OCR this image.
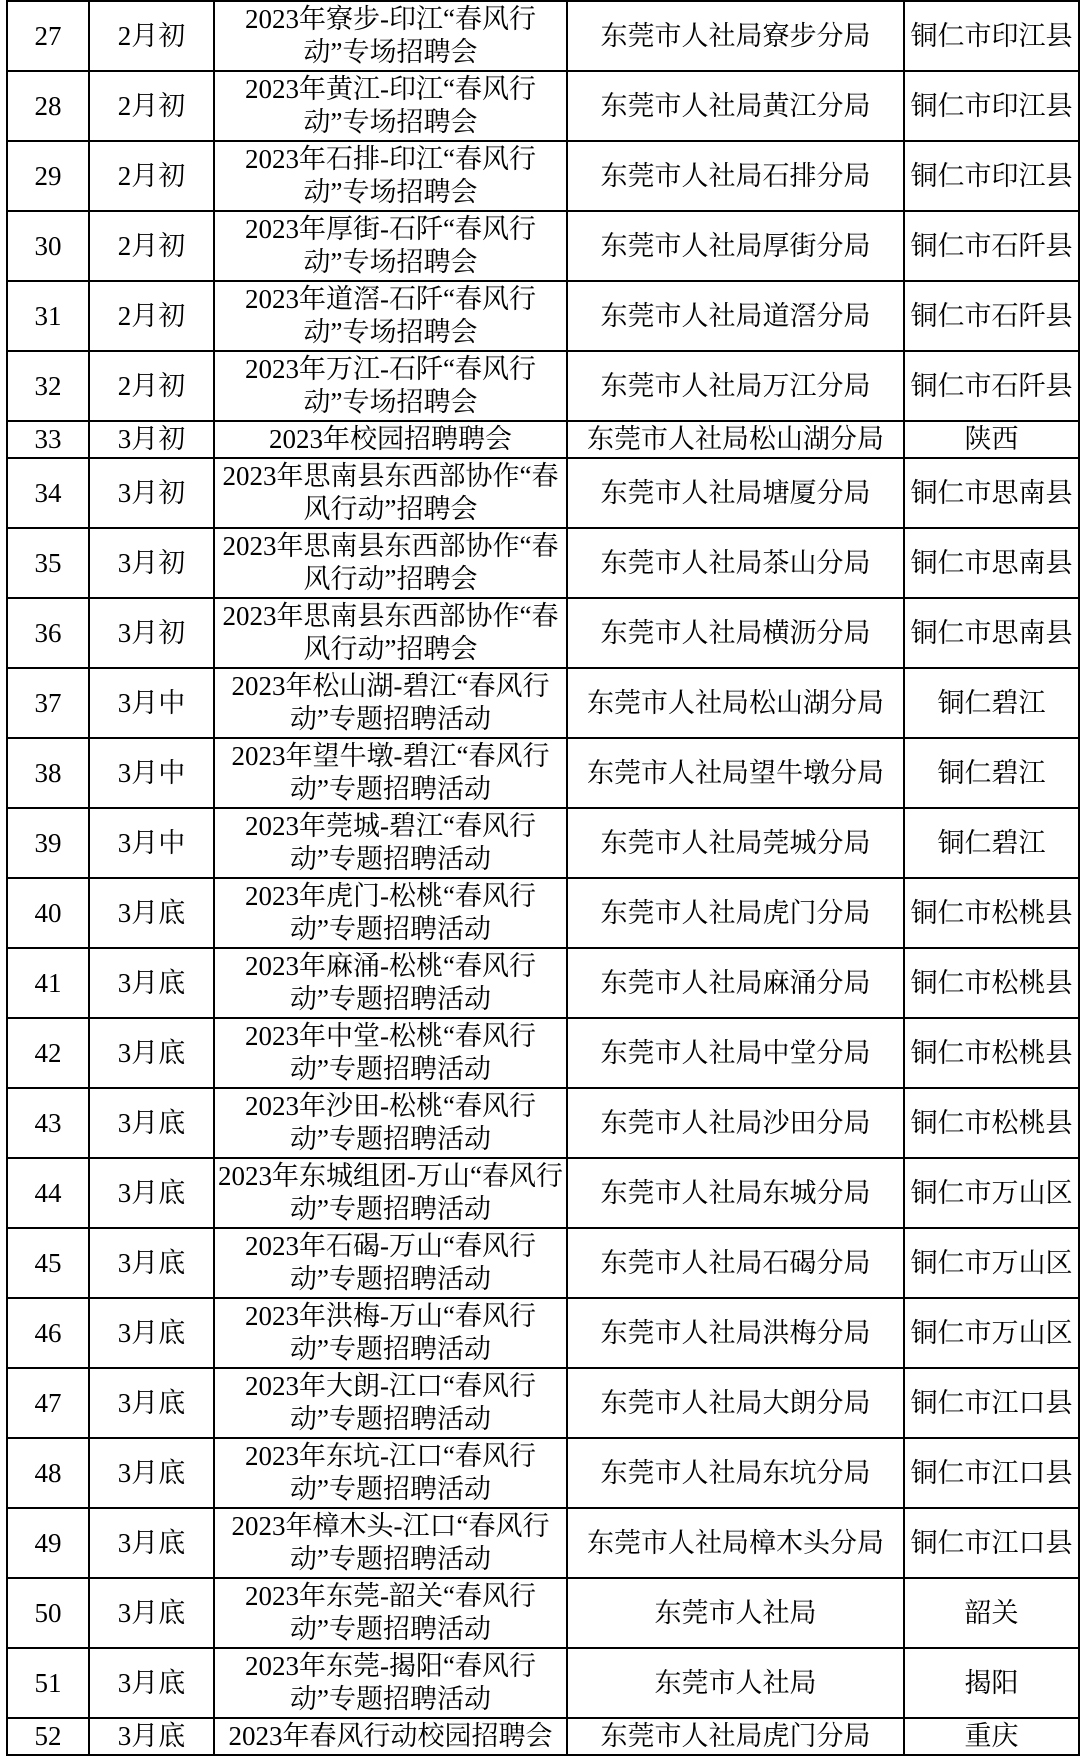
27	2月初	2023年寮步-印江“春风行动”专场招聘会	东莞市人社局寮步分局	铜仁市印江县
28	2月初	2023年黄江-印江“春风行动”专场招聘会	东莞市人社局黄江分局	铜仁市印江县
29	2月初	2023年石排-印江“春风行动”专场招聘会	东莞市人社局石排分局	铜仁市印江县
30	2月初	2023年厚街-石阡“春风行动”专场招聘会	东莞市人社局厚街分局	铜仁市石阡县
31	2月初	2023年道滘-石阡“春风行动”专场招聘会	东莞市人社局道滘分局	铜仁市石阡县
32	2月初	2023年万江-石阡“春风行动”专场招聘会	东莞市人社局万江分局	铜仁市石阡县
33	3月初	2023年校园招聘聘会	东莞市人社局松山湖分局	陕西
34	3月初	2023年思南县东西部协作“春风行动”招聘会	东莞市人社局塘厦分局	铜仁市思南县
35	3月初	2023年思南县东西部协作“春风行动”招聘会	东莞市人社局茶山分局	铜仁市思南县
36	3月初	2023年思南县东西部协作“春风行动”招聘会	东莞市人社局横沥分局	铜仁市思南县
37	3月中	2023年松山湖-碧江“春风行动”专题招聘活动	东莞市人社局松山湖分局	铜仁碧江
38	3月中	2023年望牛墩-碧江“春风行动”专题招聘活动	东莞市人社局望牛墩分局	铜仁碧江
39	3月中	2023年莞城-碧江“春风行动”专题招聘活动	东莞市人社局莞城分局	铜仁碧江
40	3月底	2023年虎门-松桃“春风行动”专题招聘活动	东莞市人社局虎门分局	铜仁市松桃县
41	3月底	2023年麻涌-松桃“春风行动”专题招聘活动	东莞市人社局麻涌分局	铜仁市松桃县
42	3月底	2023年中堂-松桃“春风行动”专题招聘活动	东莞市人社局中堂分局	铜仁市松桃县
43	3月底	2023年沙田-松桃“春风行动”专题招聘活动	东莞市人社局沙田分局	铜仁市松桃县
44	3月底	2023年东城组团-万山“春风行动”专题招聘活动	东莞市人社局东城分局	铜仁市万山区
45	3月底	2023年石碣-万山“春风行动”专题招聘活动	东莞市人社局石碣分局	铜仁市万山区
46	3月底	2023年洪梅-万山“春风行动”专题招聘活动	东莞市人社局洪梅分局	铜仁市万山区
47	3月底	2023年大朗-江口“春风行动”专题招聘活动	东莞市人社局大朗分局	铜仁市江口县
48	3月底	2023年东坑-江口“春风行动”专题招聘活动	东莞市人社局东坑分局	铜仁市江口县
49	3月底	2023年樟木头-江口“春风行动”专题招聘活动	东莞市人社局樟木头分局	铜仁市江口县
50	3月底	2023年东莞-韶关“春风行动”专题招聘活动	东莞市人社局	韶关
51	3月底	2023年东莞-揭阳“春风行动”专题招聘活动	东莞市人社局	揭阳
52	3月底	2023年春风行动校园招聘会	东莞市人社局虎门分局	重庆
